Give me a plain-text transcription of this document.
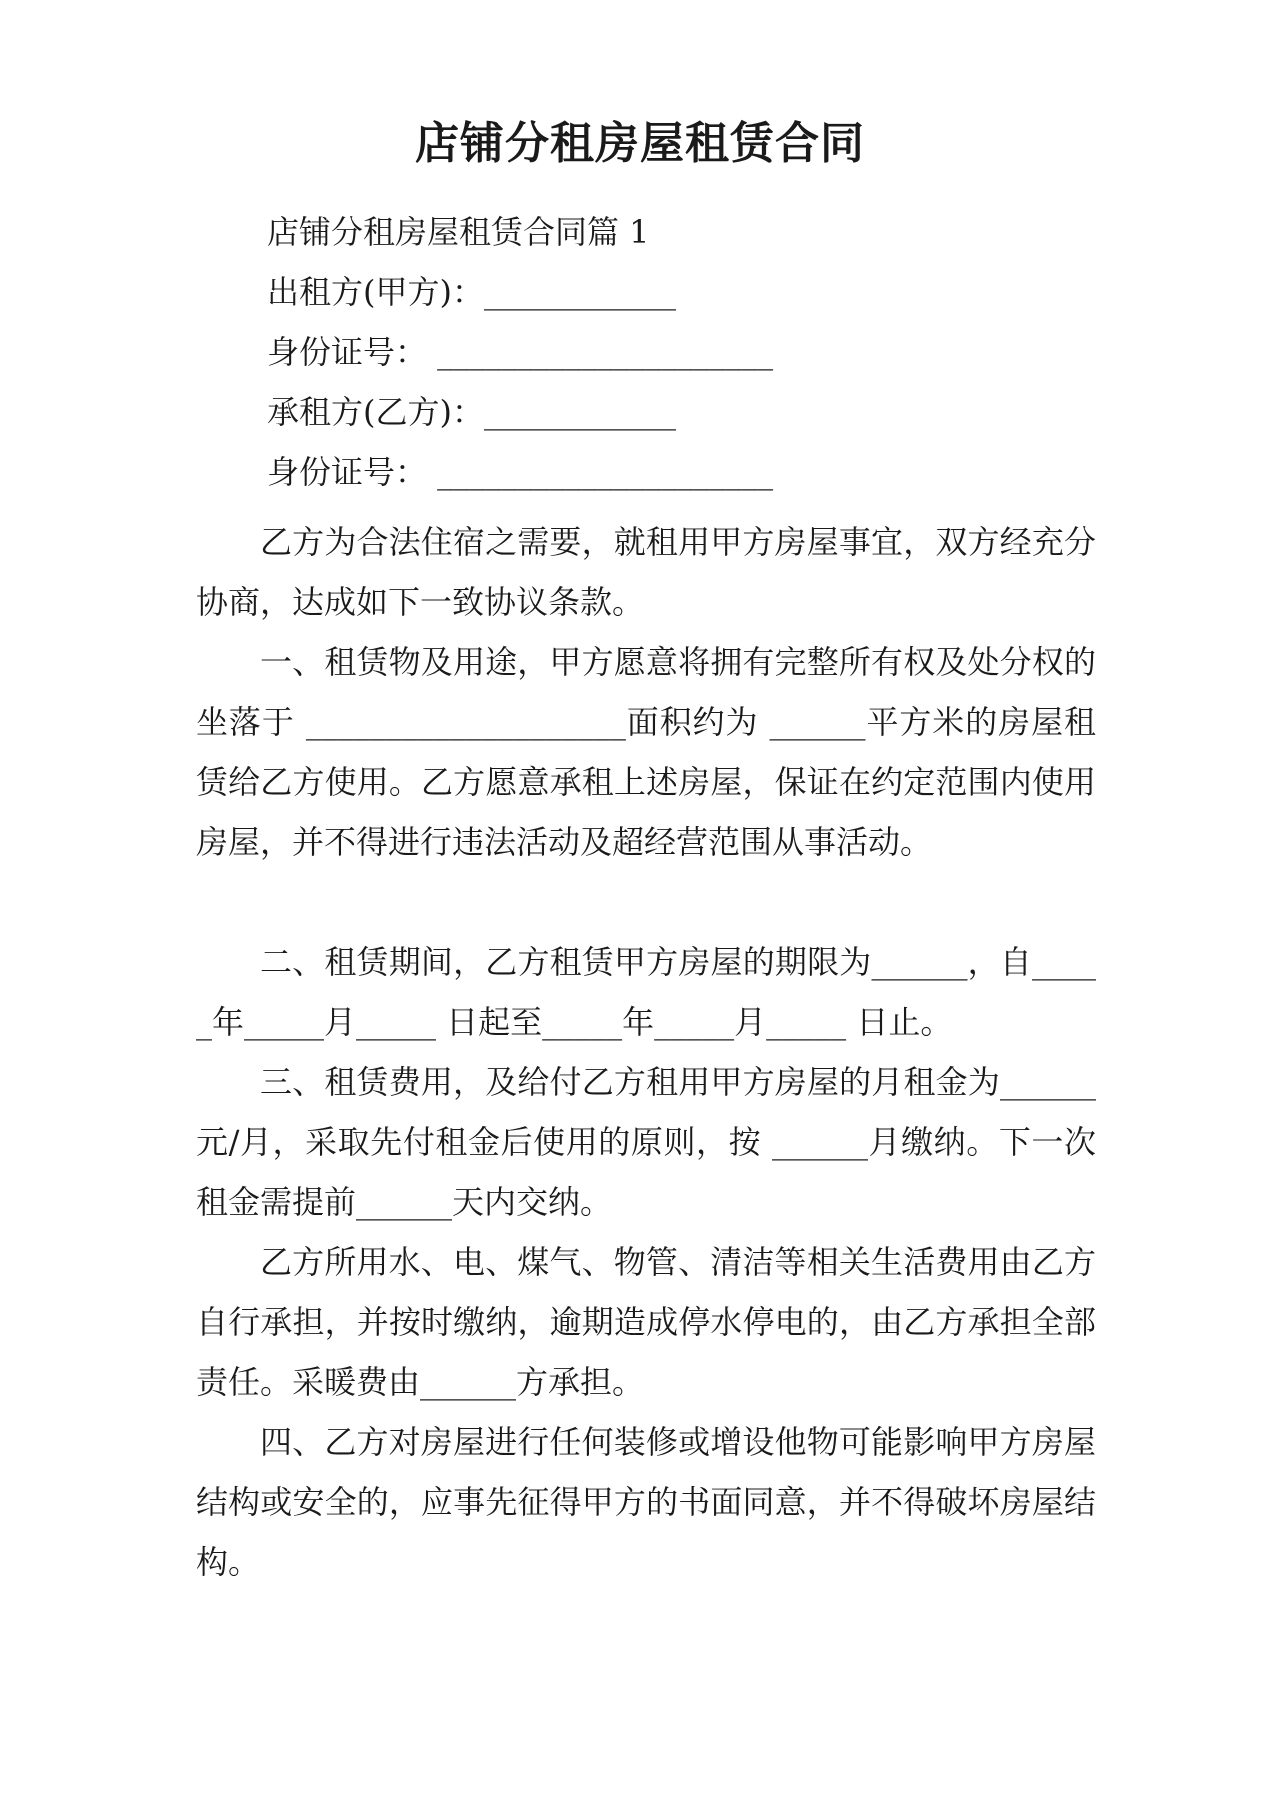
店铺分租房屋租赁合同

店铺分租房屋租赁合同篇 1

出租方(甲方)：____________

身份证号： _____________________

承租方(乙方)：____________

身份证号： _____________________

乙方为合法住宿之需要，就租用甲方房屋事宜，双方经充分协商，达成如下一致协议条款。

一、租赁物及用途，甲方愿意将拥有完整所有权及处分权的坐落于 ____________________面积约为 ______平方米的房屋租赁给乙方使用。乙方愿意承租上述房屋，保证在约定范围内使用房屋，并不得进行违法活动及超经营范围从事活动。

二、租赁期间，乙方租赁甲方房屋的期限为______，自_____年_____月_____ 日起至_____年_____月_____ 日止。

三、租赁费用，及给付乙方租用甲方房屋的月租金为______元/月，采取先付租金后使用的原则，按 ______月缴纳。下一次租金需提前______天内交纳。

乙方所用水、电、煤气、物管、清洁等相关生活费用由乙方自行承担，并按时缴纳，逾期造成停水停电的，由乙方承担全部责任。采暖费由______方承担。

四、乙方对房屋进行任何装修或增设他物可能影响甲方房屋结构或安全的，应事先征得甲方的书面同意，并不得破坏房屋结构。
